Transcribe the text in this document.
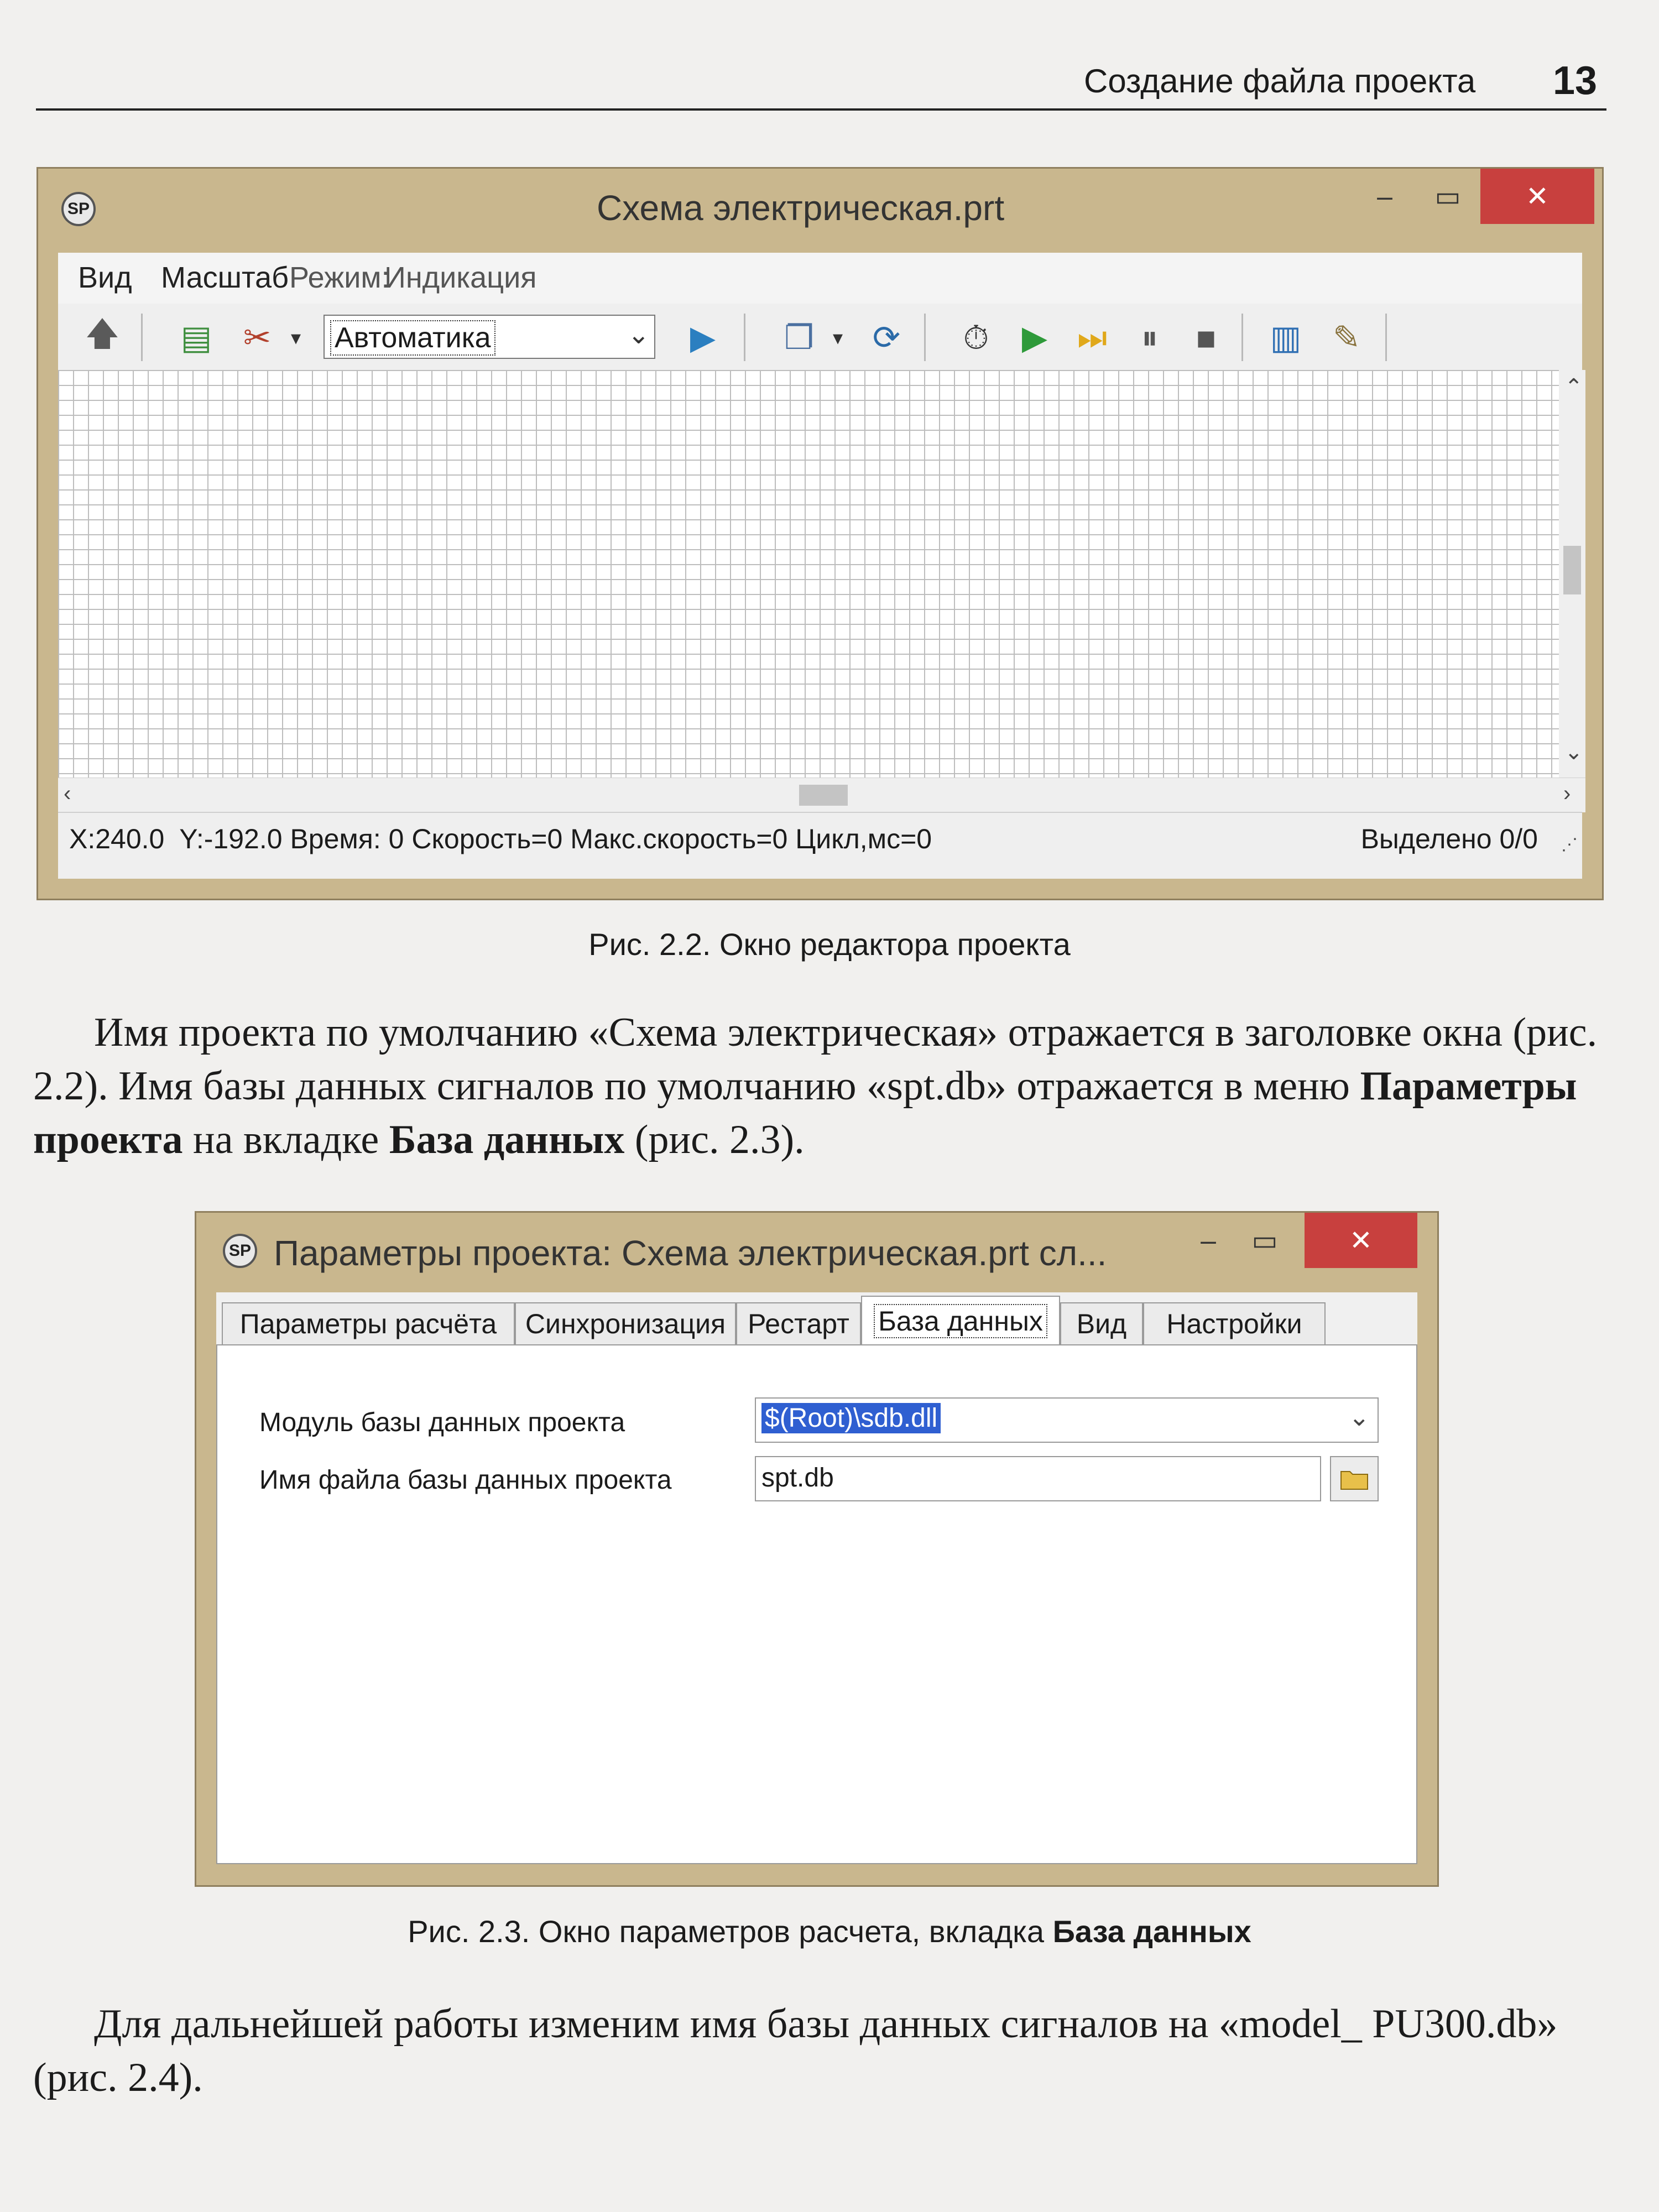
Создание файла проекта 13
SP	Схема электрическая.prt	–	▭	✕
Вид Масштаб Режим:
Индикация
🡅 ▤ ✂ ▾	Автоматика	⌄ ▶ ❐ ▾ ⟳ ⏱ ▶ ⏭	⏸	■	▥ ✎
⌃
⌄
‹	›
X:240.0 Y:-192.0 Время: 0 Скорость=0 Макс.скорость=0 Цикл,мс=0	Выделено 0/0 ⋰
Рис. 2.2. Окно редактора проекта
Имя проекта по умолчанию «Схема электрическая» отражается в заголовке окна (рис. 2.2). Имя базы данных сигналов по умолчанию «spt.db» отражается в меню Параметры проекта на вкладке База данных (рис. 2.3).
SP Параметры проекта: Схема электрическая.prt сл...	–	▭	✕
Параметры расчёта	Синхронизация Рестарт	База данных	Вид	Настройки
Модуль базы данных проекта	$(Root)\sdb.dll	⌄
Имя файла базы данных проекта	spt.db
Рис. 2.3. Окно параметров расчета, вкладка База данных
Для дальнейшей работы изменим имя базы данных сигналов на «model_ PU300.db» (рис. 2.4).
